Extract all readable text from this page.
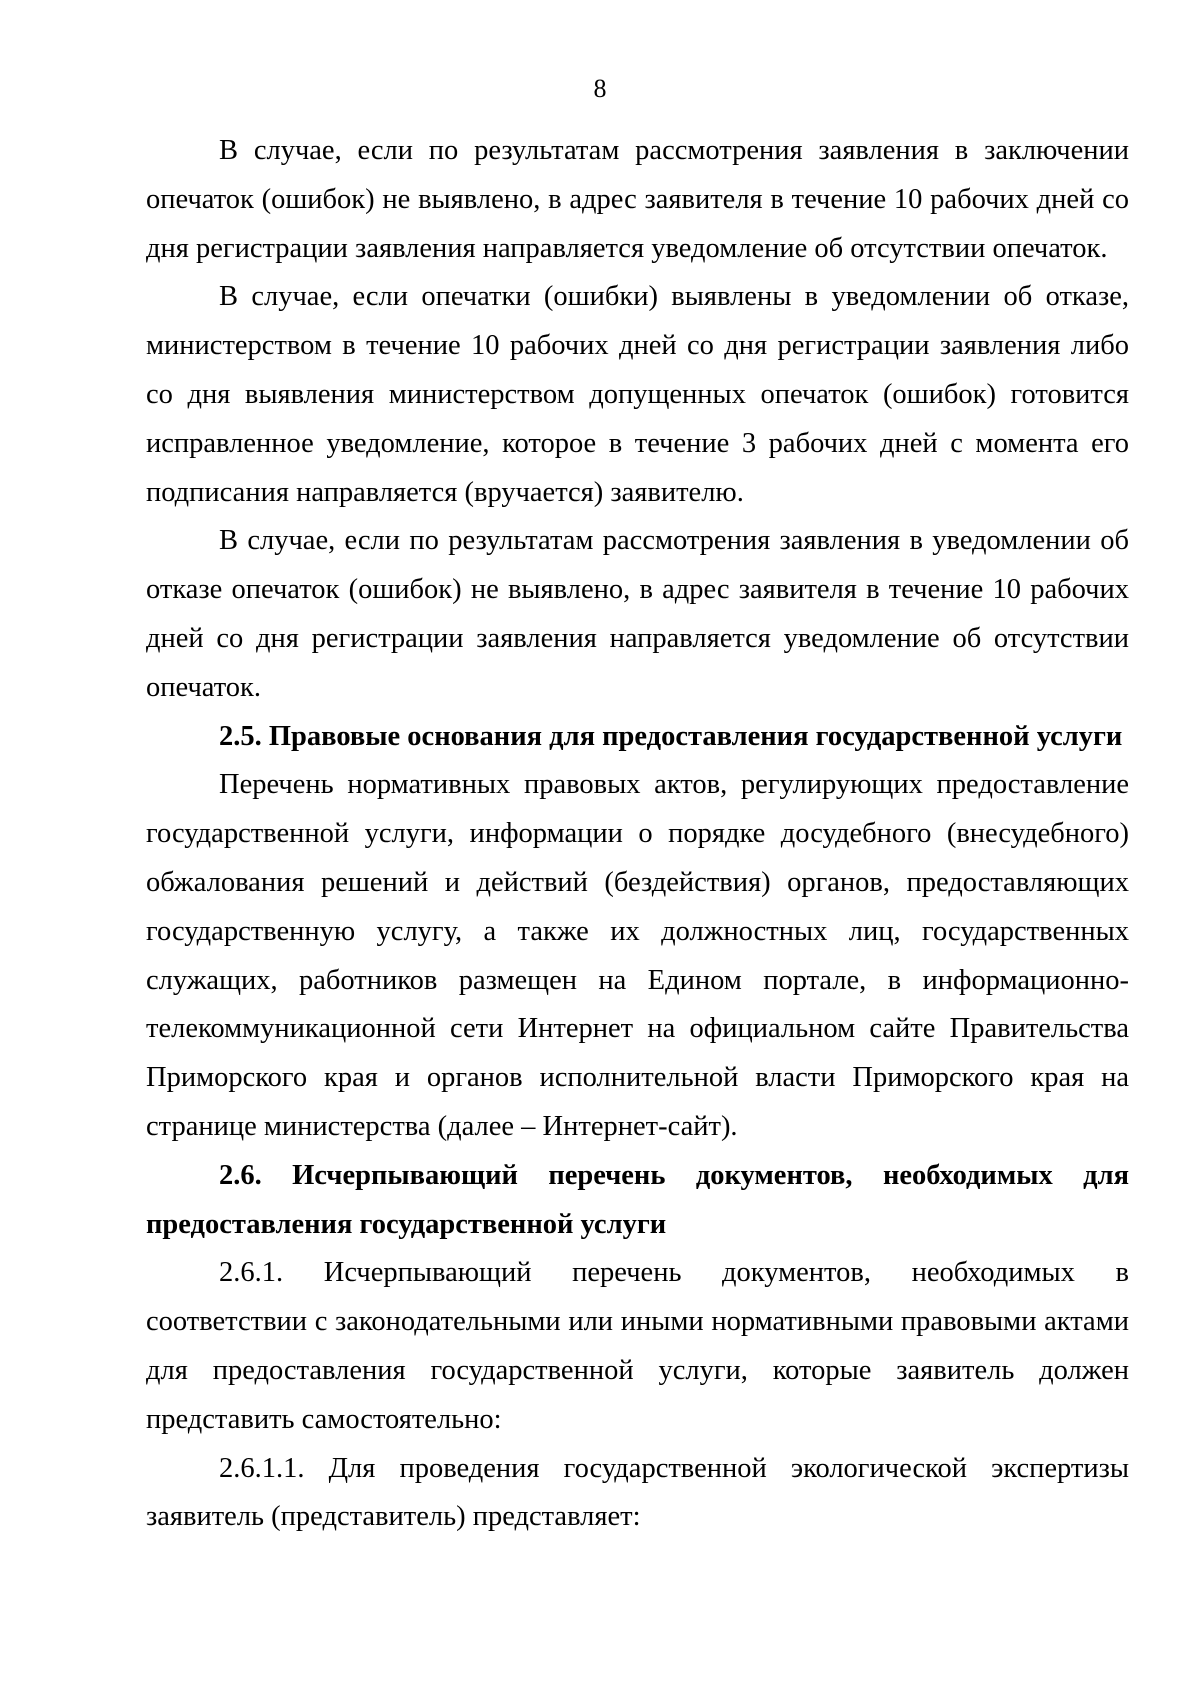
8

В случае, если по результатам рассмотрения заявления в заключении опечаток (ошибок) не выявлено, в адрес заявителя в течение 10 рабочих дней со дня регистрации заявления направляется уведомление об отсутствии опечаток.

В случае, если опечатки (ошибки) выявлены в уведомлении об отказе, министерством в течение 10 рабочих дней со дня регистрации заявления либо со дня выявления министерством допущенных опечаток (ошибок) готовится исправленное уведомление, которое в течение 3 рабочих дней с момента его подписания направляется (вручается) заявителю.

В случае, если по результатам рассмотрения заявления в уведомлении об отказе опечаток (ошибок) не выявлено, в адрес заявителя в течение 10 рабочих дней со дня регистрации заявления направляется уведомление об отсутствии опечаток.

2.5. Правовые основания для предоставления государственной услуги

Перечень нормативных правовых актов, регулирующих предоставление государственной услуги, информации о порядке досудебного (внесудебного) обжалования решений и действий (бездействия) органов, предоставляющих государственную услугу, а также их должностных лиц, государственных служащих, работников размещен на Едином портале, в информационно-телекоммуникационной сети Интернет на официальном сайте Правительства Приморского края и органов исполнительной власти Приморского края на странице министерства (далее – Интернет-сайт).

2.6. Исчерпывающий перечень документов, необходимых для предоставления государственной услуги

2.6.1. Исчерпывающий перечень документов, необходимых в соответствии с законодательными или иными нормативными правовыми актами для предоставления государственной услуги, которые заявитель должен представить самостоятельно:

2.6.1.1. Для проведения государственной экологической экспертизы заявитель (представитель) представляет:
